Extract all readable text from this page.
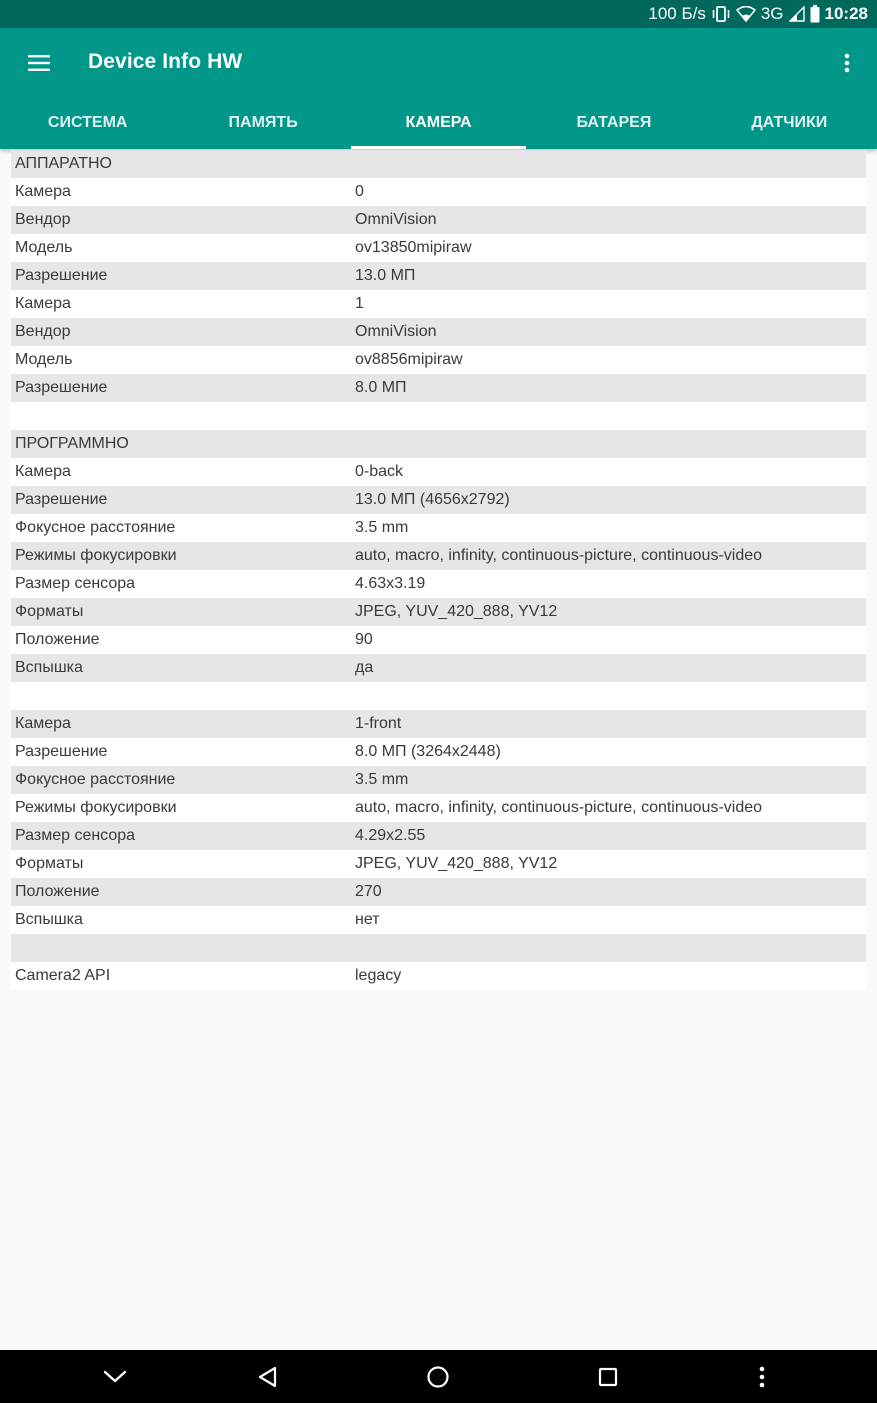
100 Б/s	3G 10:28
Device Info HW
СИСТЕМА	ПАМЯТЬ	КАМЕРА	БАТАРЕЯ	ДАТЧИКИ
АППАРАТНО
Камера	0
Вендор	OmniVision
Модель	ov13850mipiraw
Разрешение	13.0 МП
Камера	1
Вендор	OmniVision
Модель	ov8856mipiraw
Разрешение	8.0 МП
ПРОГРАММНО
Камера	0-back
Разрешение	13.0 МП (4656x2792)
Фокусное расстояние	3.5 mm
Режимы фокусировки	auto, macro, infinity, continuous-picture, continuous-video
Размер сенсора	4.63x3.19
Форматы	JPEG, YUV_420_888, YV12
Положение	90
Вспышка	да
Камера	1-front
Разрешение	8.0 МП (3264x2448)
Фокусное расстояние	3.5 mm
Режимы фокусировки	auto, macro, infinity, continuous-picture, continuous-video
Размер сенсора	4.29x2.55
Форматы	JPEG, YUV_420_888, YV12
Положение	270
Вспышка	нет
Camera2 API	legacy
